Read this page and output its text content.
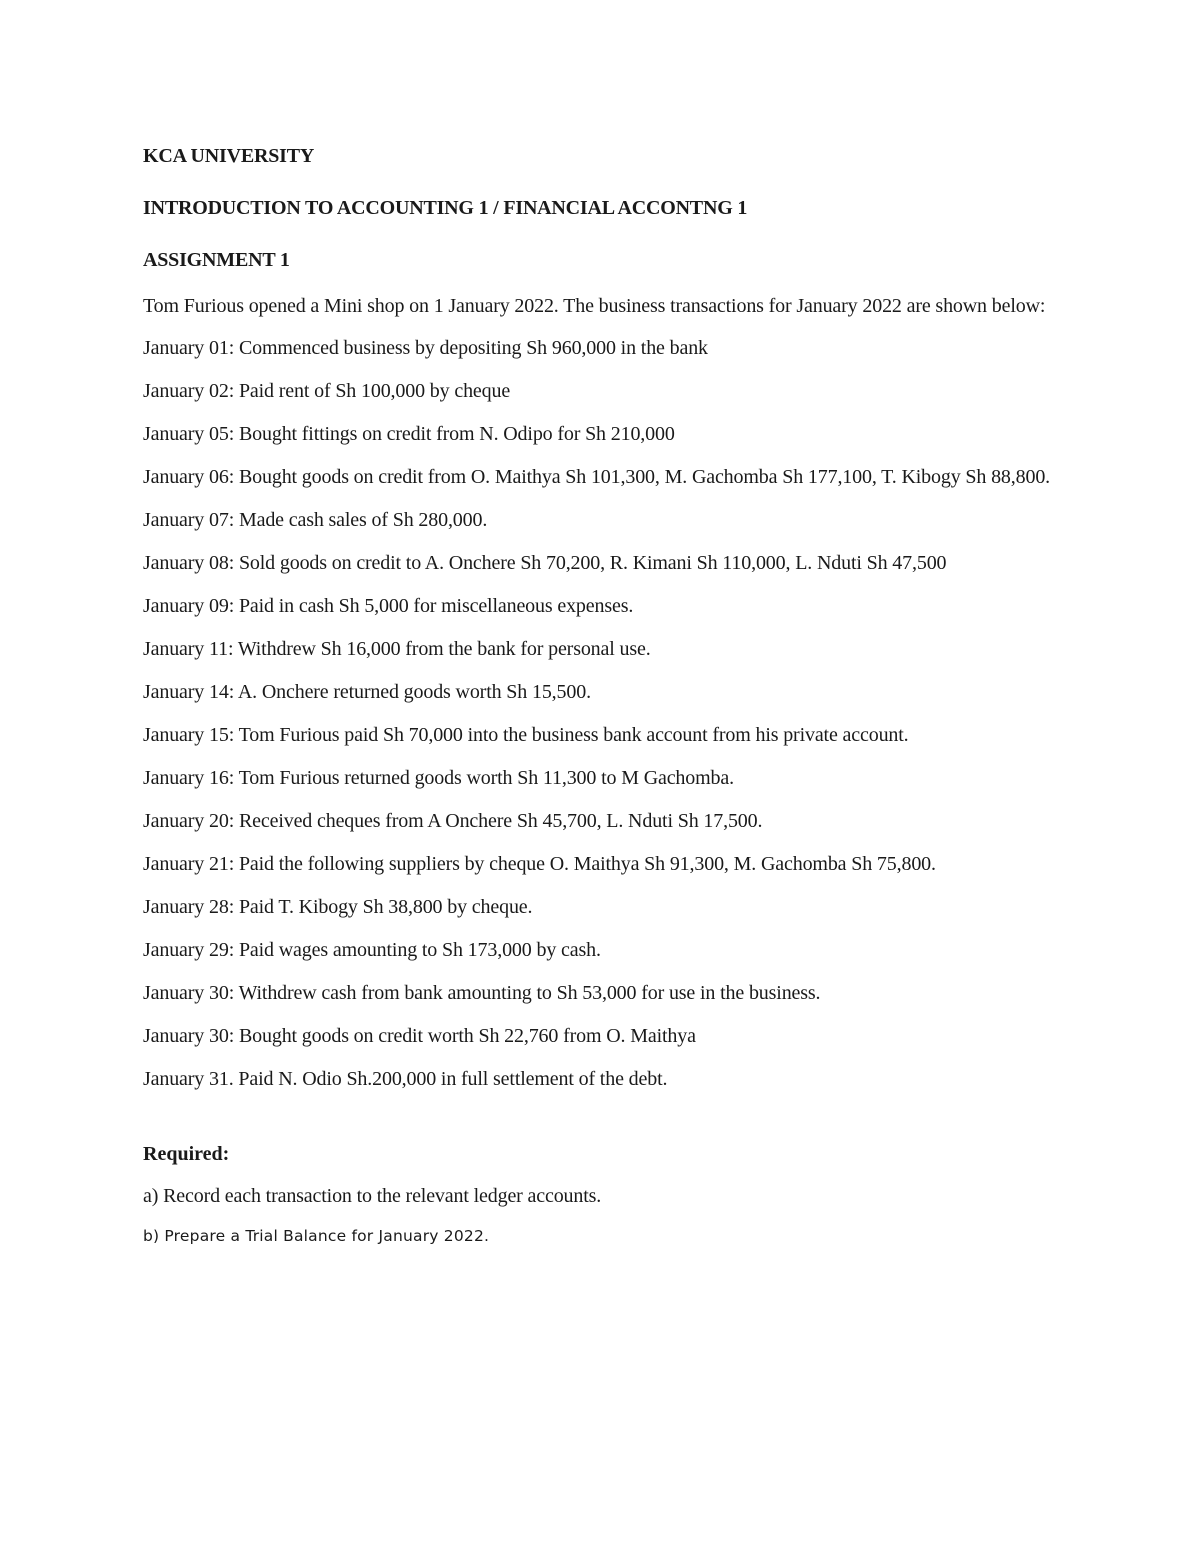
KCA UNIVERSITY

INTRODUCTION TO ACCOUNTING 1 / FINANCIAL ACCONTNG 1

ASSIGNMENT 1

Tom Furious opened a Mini shop on 1 January 2022. The business transactions for January 2022 are shown below:

January 01: Commenced business by depositing Sh 960,000 in the bank

January 02: Paid rent of Sh 100,000 by cheque

January 05: Bought fittings on credit from N. Odipo for Sh 210,000

January 06: Bought goods on credit from O. Maithya Sh 101,300, M. Gachomba Sh 177,100, T. Kibogy Sh 88,800.

January 07: Made cash sales of Sh 280,000.

January 08: Sold goods on credit to A. Onchere Sh 70,200, R. Kimani Sh 110,000, L. Nduti Sh 47,500

January 09: Paid in cash Sh 5,000 for miscellaneous expenses.

January 11: Withdrew Sh 16,000 from the bank for personal use.

January 14: A. Onchere returned goods worth Sh 15,500.

January 15: Tom Furious paid Sh 70,000 into the business bank account from his private account.

January 16: Tom Furious returned goods worth Sh 11,300 to M Gachomba.

January 20: Received cheques from A Onchere Sh 45,700, L. Nduti Sh 17,500.

January 21: Paid the following suppliers by cheque O. Maithya Sh 91,300, M. Gachomba Sh 75,800.

January 28: Paid T. Kibogy Sh 38,800 by cheque.

January 29: Paid wages amounting to Sh 173,000 by cash.

January 30: Withdrew cash from bank amounting to Sh 53,000 for use in the business.

January 30: Bought goods on credit worth Sh 22,760 from O. Maithya

January 31. Paid N. Odio Sh.200,000 in full settlement of the debt.

Required:

a) Record each transaction to the relevant ledger accounts.

b) Prepare a Trial Balance for January 2022.
